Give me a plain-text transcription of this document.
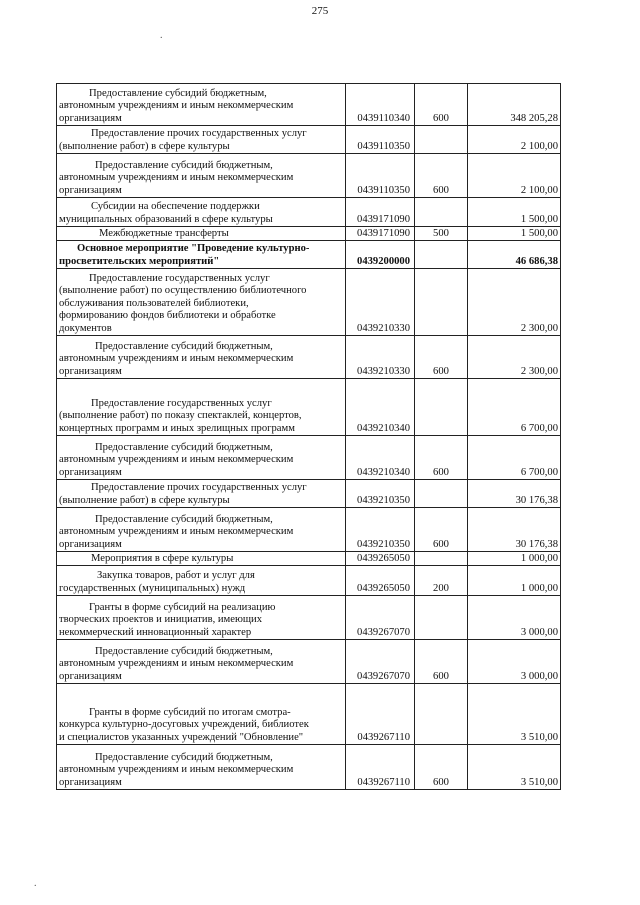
275
Предоставление субсидий бюджетным,
автономным учреждениям и иным некоммерческим
организациям	0439110340	600	348 205,28

Предоставление прочих государственных услуг
(выполнение работ) в сфере культуры	0439110350		2 100,00

Предоставление субсидий бюджетным,
автономным учреждениям и иным некоммерческим
организациям	0439110350	600	2 100,00

Субсидии на обеспечение поддержки
муниципальных образований в сфере культуры	0439171090		1 500,00

Межбюджетные трансферты	0439171090	500	1 500,00

Основное мероприятие "Проведение культурно-
просветительских мероприятий"	0439200000		46 686,38

Предоставление государственных услуг
(выполнение работ) по осуществлению библиотечного
обслуживания пользователей библиотеки,
формированию фондов библиотеки и обработке
документов	0439210330		2 300,00

Предоставление субсидий бюджетным,
автономным учреждениям и иным некоммерческим
организациям	0439210330	600	2 300,00

Предоставление государственных услуг
(выполнение работ) по показу спектаклей, концертов,
концертных программ и иных зрелищных программ	0439210340		6 700,00

Предоставление субсидий бюджетным,
автономным учреждениям и иным некоммерческим
организациям	0439210340	600	6 700,00

Предоставление прочих государственных услуг
(выполнение работ) в сфере культуры	0439210350		30 176,38

Предоставление субсидий бюджетным,
автономным учреждениям и иным некоммерческим
организациям	0439210350	600	30 176,38

Мероприятия в сфере культуры	0439265050		1 000,00

Закупка товаров, работ и услуг для
государственных (муниципальных) нужд	0439265050	200	1 000,00

Гранты в форме субсидий на реализацию
творческих проектов и инициатив, имеющих
некоммерческий инновационный характер	0439267070		3 000,00

Предоставление субсидий бюджетным,
автономным учреждениям и иным некоммерческим
организациям	0439267070	600	3 000,00

Гранты в форме субсидий по итогам смотра-
конкурса культурно-досуговых учреждений, библиотек
и специалистов указанных учреждений "Обновление"	0439267110		3 510,00

Предоставление субсидий бюджетным,
автономным учреждениям и иным некоммерческим
организациям	0439267110	600	3 510,00
.
.
